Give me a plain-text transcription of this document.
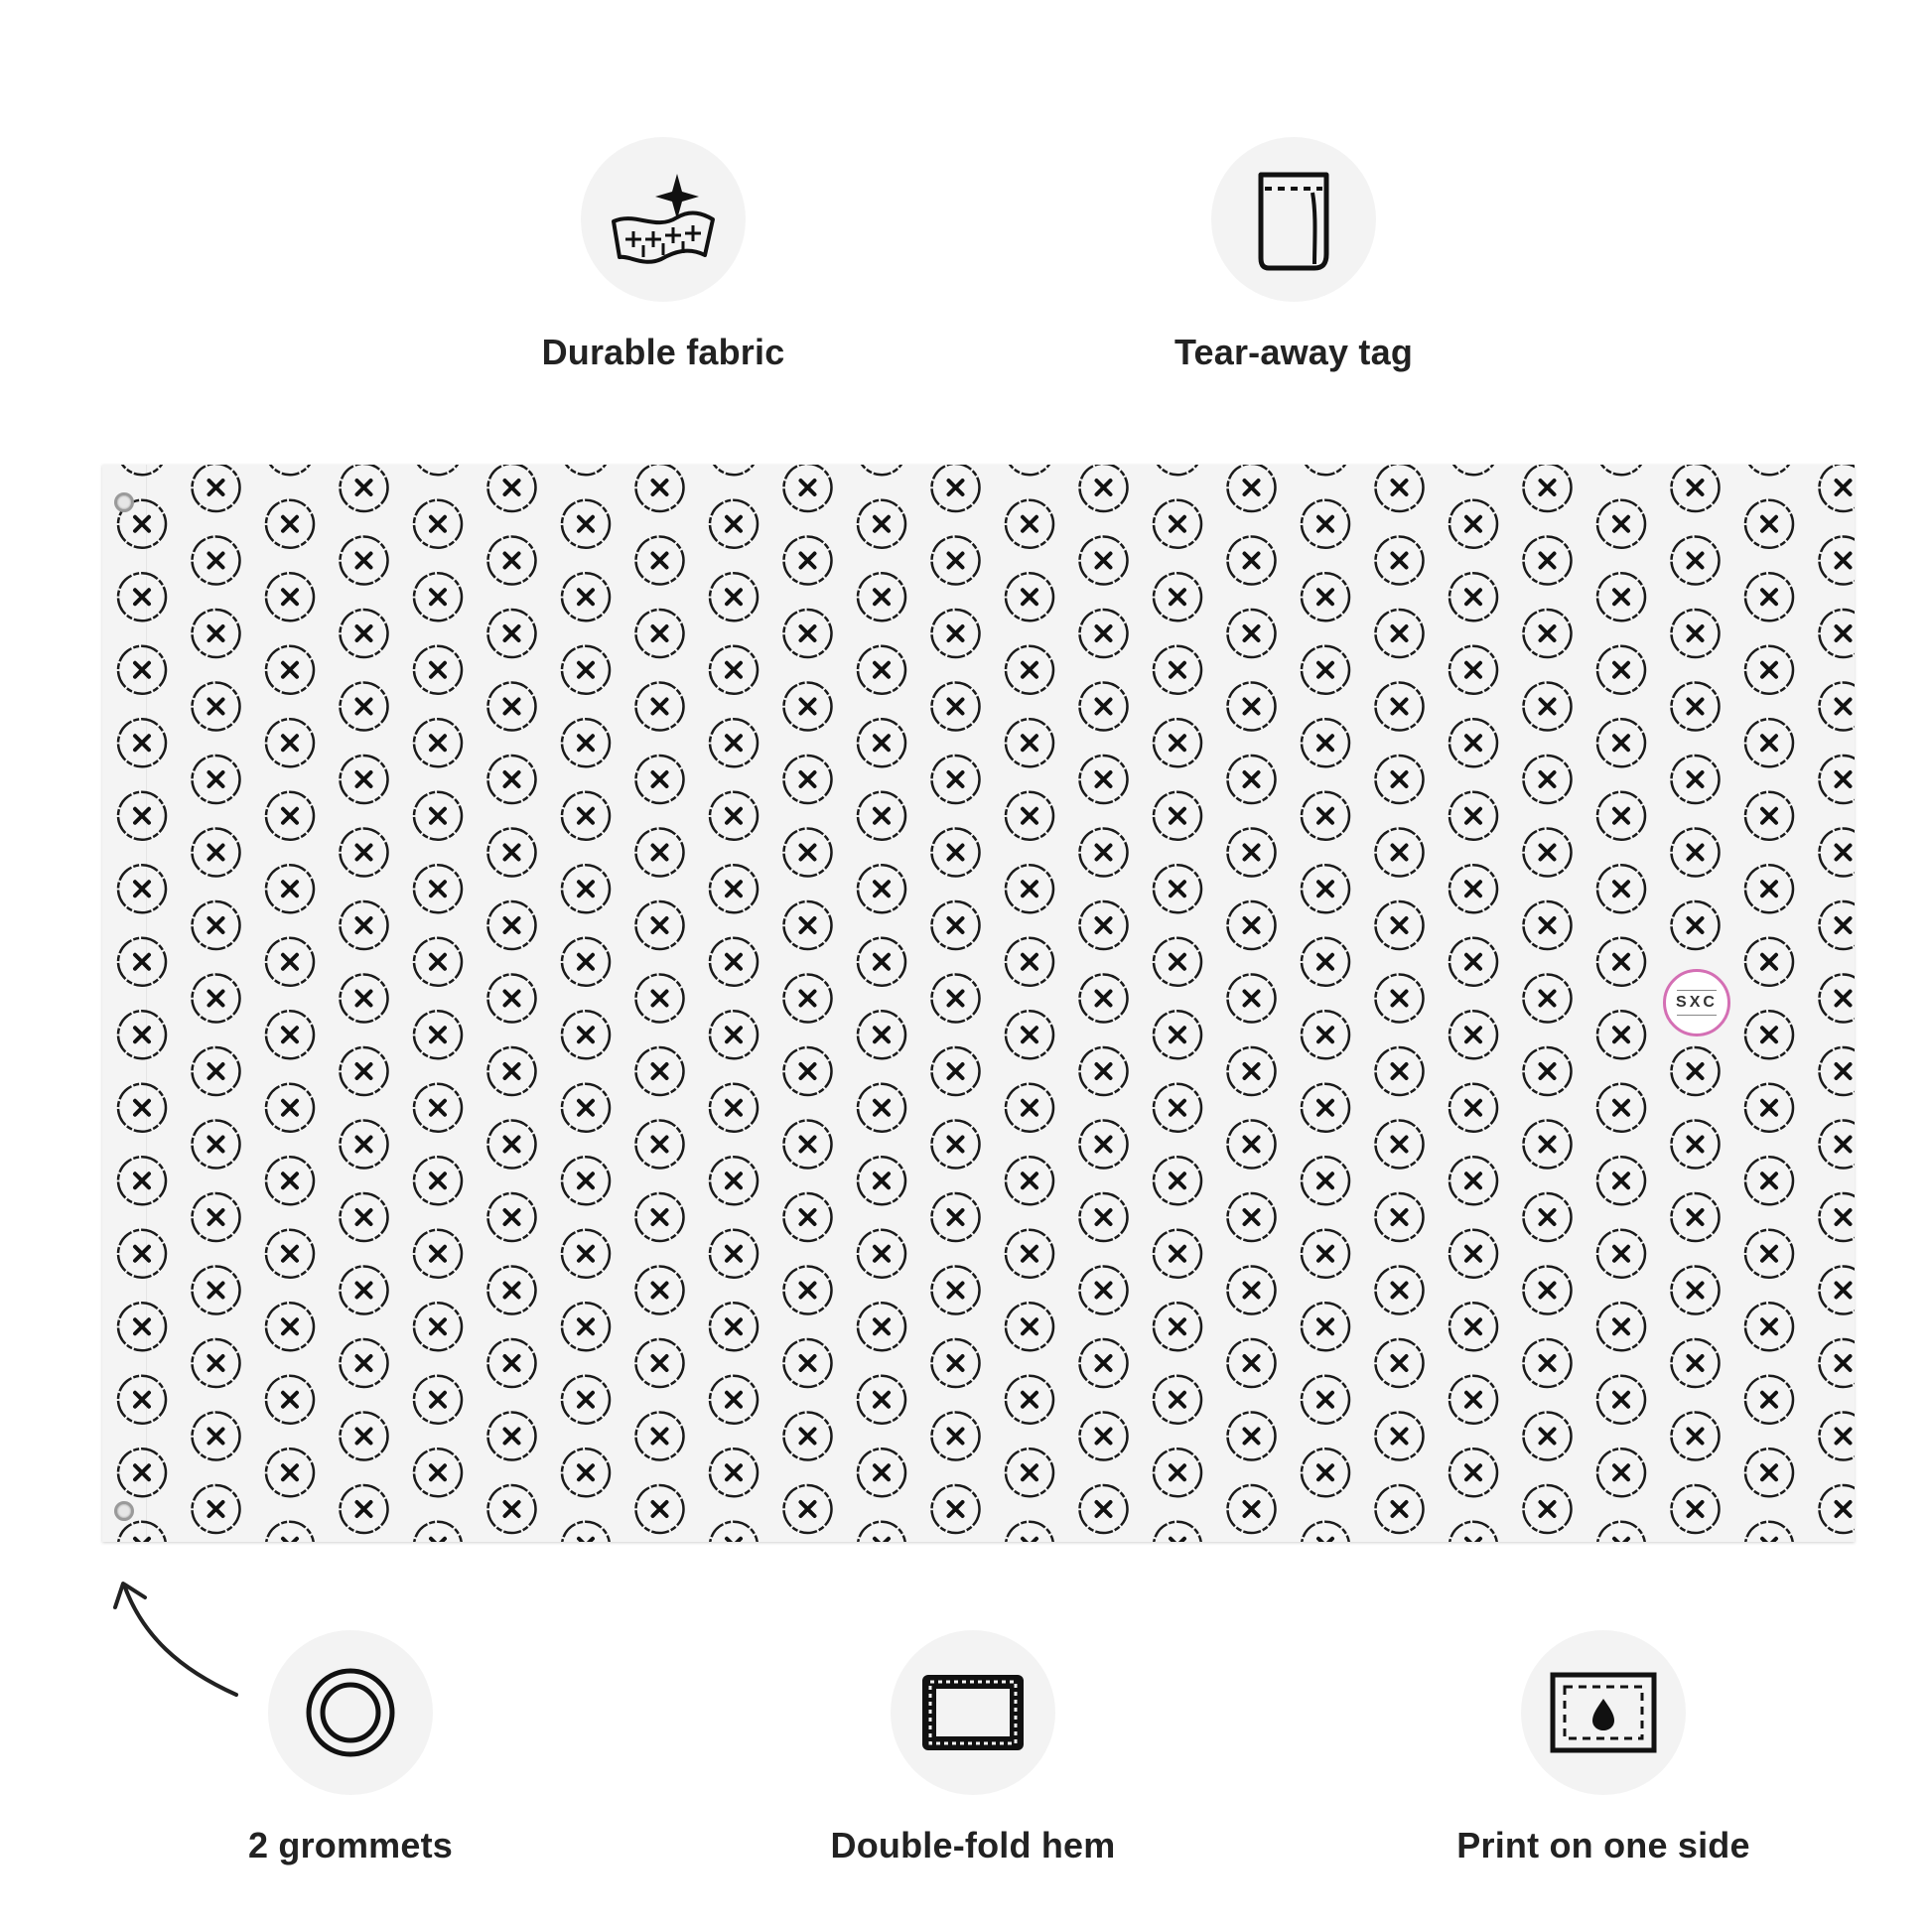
Durable fabric	Tear-away tag
SXC
2 grommets	Double-fold hem	Print on one side
